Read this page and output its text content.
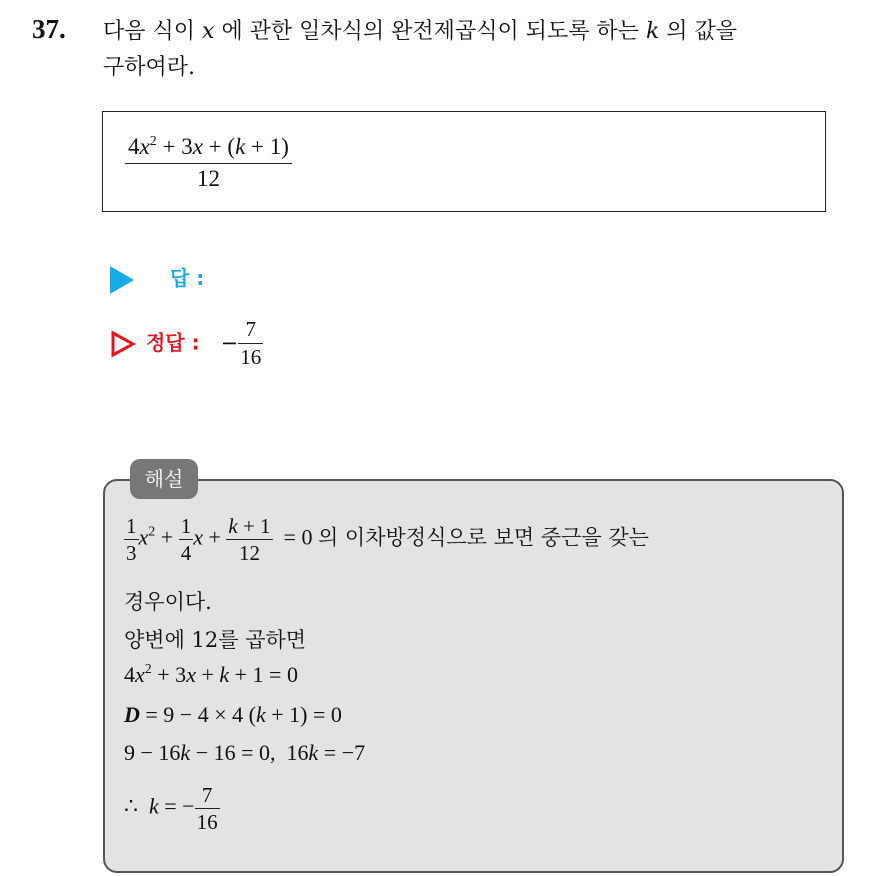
37. 다음 식이 x 에 관한 일차식의 완전제곱식이 되도록 하는 k 의 값을
구하여라.
$\frac{4x^2 + 3x + (k + 1)}{12}$
답 :
정답 : − $\frac{7}{16}$
해설
$\frac{1}{3} x^2 + \frac{1}{4}$ $x + \frac{k + 1}{12} = 0$ 의 이차방정식으로 보면 중근을 갖는
경우이다.
양변에 12를 곱하면
$4x^2 + 3x + k + 1 = 0$
D = 9 − 4 × 4 (k + 1) = 0
9 − 16k − 16 = 0,  16k = −7
∴  k = − $\frac{7}{16}$
